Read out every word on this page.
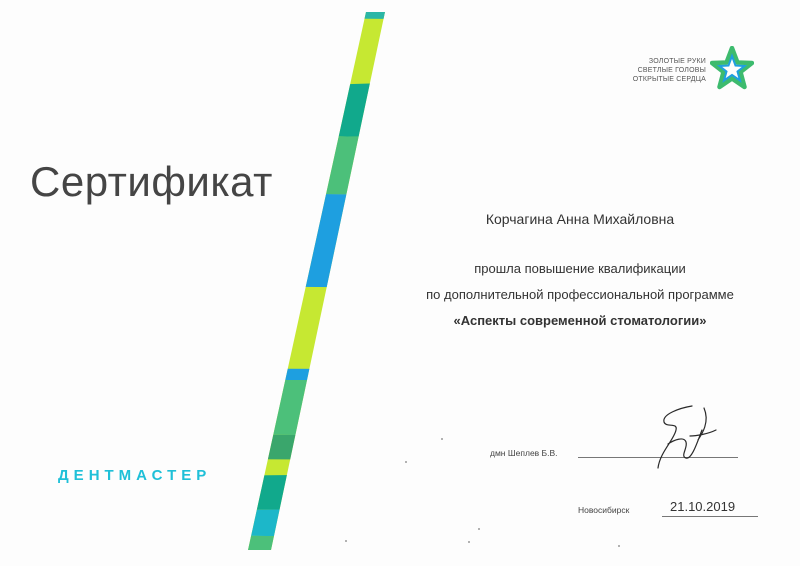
Сертификат
ЗОЛОТЫЕ РУКИ
СВЕТЛЫЕ ГОЛОВЫ
ОТКРЫТЫЕ СЕРДЦА
Корчагина Анна Михайловна
прошла повышение квалификации
по дополнительной профессиональной программе
«Аспекты современной стоматологии»
дмн Шеплев Б.В.
Новосибирск	21.10.2019
ДЕНТМАСТЕР
